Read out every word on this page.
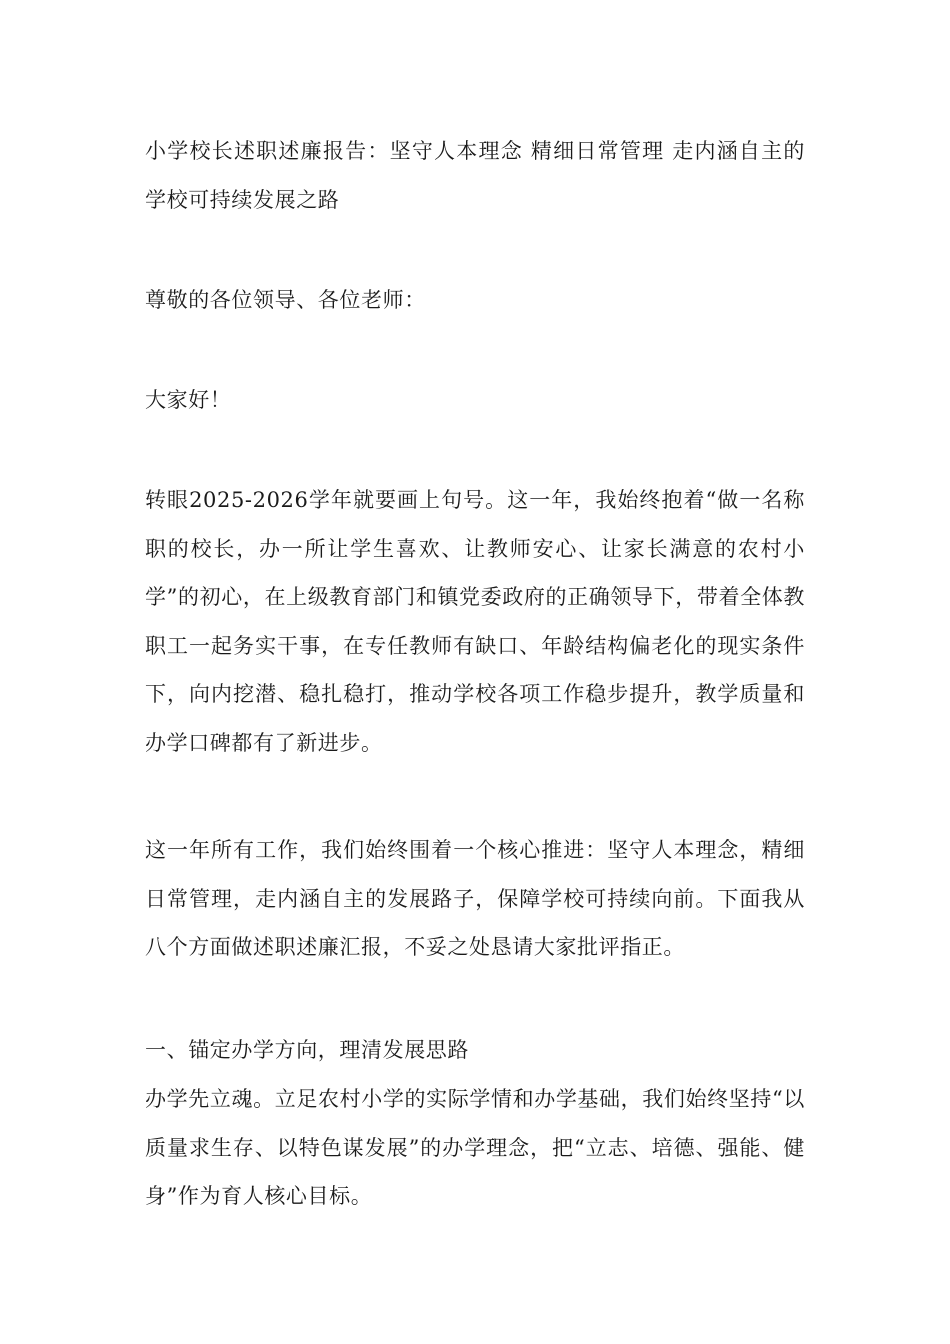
小学校长述职述廉报告：坚守人本理念 精细日常管理 走内涵自主的学校可持续发展之路

尊敬的各位领导、各位老师：

大家好！

转眼2025-2026学年就要画上句号。这一年，我始终抱着“做一名称职的校长，办一所让学生喜欢、让教师安心、让家长满意的农村小学”的初心，在上级教育部门和镇党委政府的正确领导下，带着全体教职工一起务实干事，在专任教师有缺口、年龄结构偏老化的现实条件下，向内挖潜、稳扎稳打，推动学校各项工作稳步提升，教学质量和办学口碑都有了新进步。

这一年所有工作，我们始终围着一个核心推进：坚守人本理念，精细日常管理，走内涵自主的发展路子，保障学校可持续向前。下面我从八个方面做述职述廉汇报，不妥之处恳请大家批评指正。

一、锚定办学方向，理清发展思路

办学先立魂。立足农村小学的实际学情和办学基础，我们始终坚持“以质量求生存、以特色谋发展”的办学理念，把“立志、培德、强能、健身”作为育人核心目标。
